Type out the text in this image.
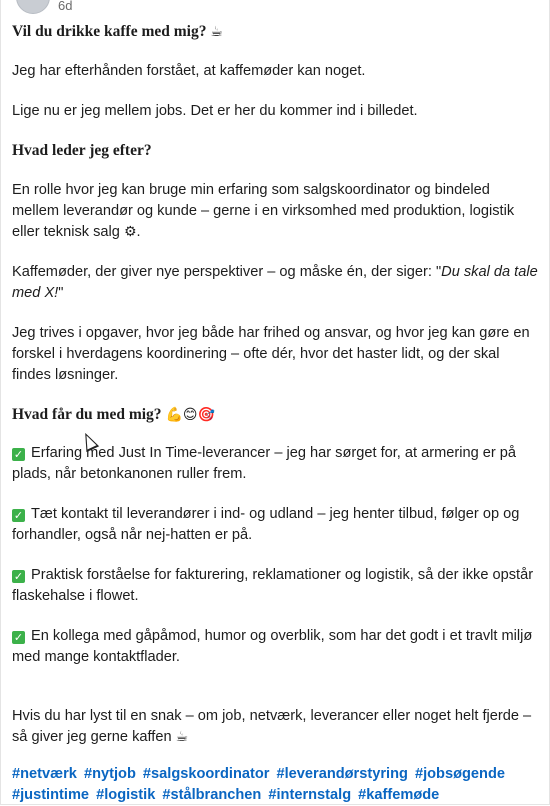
6d

Vil du drikke kaffe med mig? ☕

Jeg har efterhånden forstået, at kaffemøder kan noget.

Lige nu er jeg mellem jobs. Det er her du kommer ind i billedet.

Hvad leder jeg efter?

En rolle hvor jeg kan bruge min erfaring som salgskoordinator og bindeled mellem leverandør og kunde – gerne i en virksomhed med produktion, logistik eller teknisk salg ⚙.

Kaffemøder, der giver nye perspektiver – og måske én, der siger: "Du skal da tale med X!"

Jeg trives i opgaver, hvor jeg både har frihed og ansvar, og hvor jeg kan gøre en forskel i hverdagens koordinering – ofte dér, hvor det haster lidt, og der skal findes løsninger.

Hvad får du med mig? 💪😊🎯

✓ Erfaring med Just In Time-leverancer – jeg har sørget for, at armering er på plads, når betonkanonen ruller frem.

✓ Tæt kontakt til leverandører i ind- og udland – jeg henter tilbud, følger op og forhandler, også når nej-hatten er på.

✓ Praktisk forståelse for fakturering, reklamationer og logistik, så der ikke opstår flaskehalse i flowet.

✓ En kollega med gåpåmod, humor og overblik, som har det godt i et travlt miljø med mange kontaktflader.

Hvis du har lyst til en snak – om job, netværk, leverancer eller noget helt fjerde – så giver jeg gerne kaffen ☕

#netværk #nytjob #salgskoordinator #leverandørstyring #jobsøgende #justintime #logistik #stålbranchen #internstalg #kaffemøde
